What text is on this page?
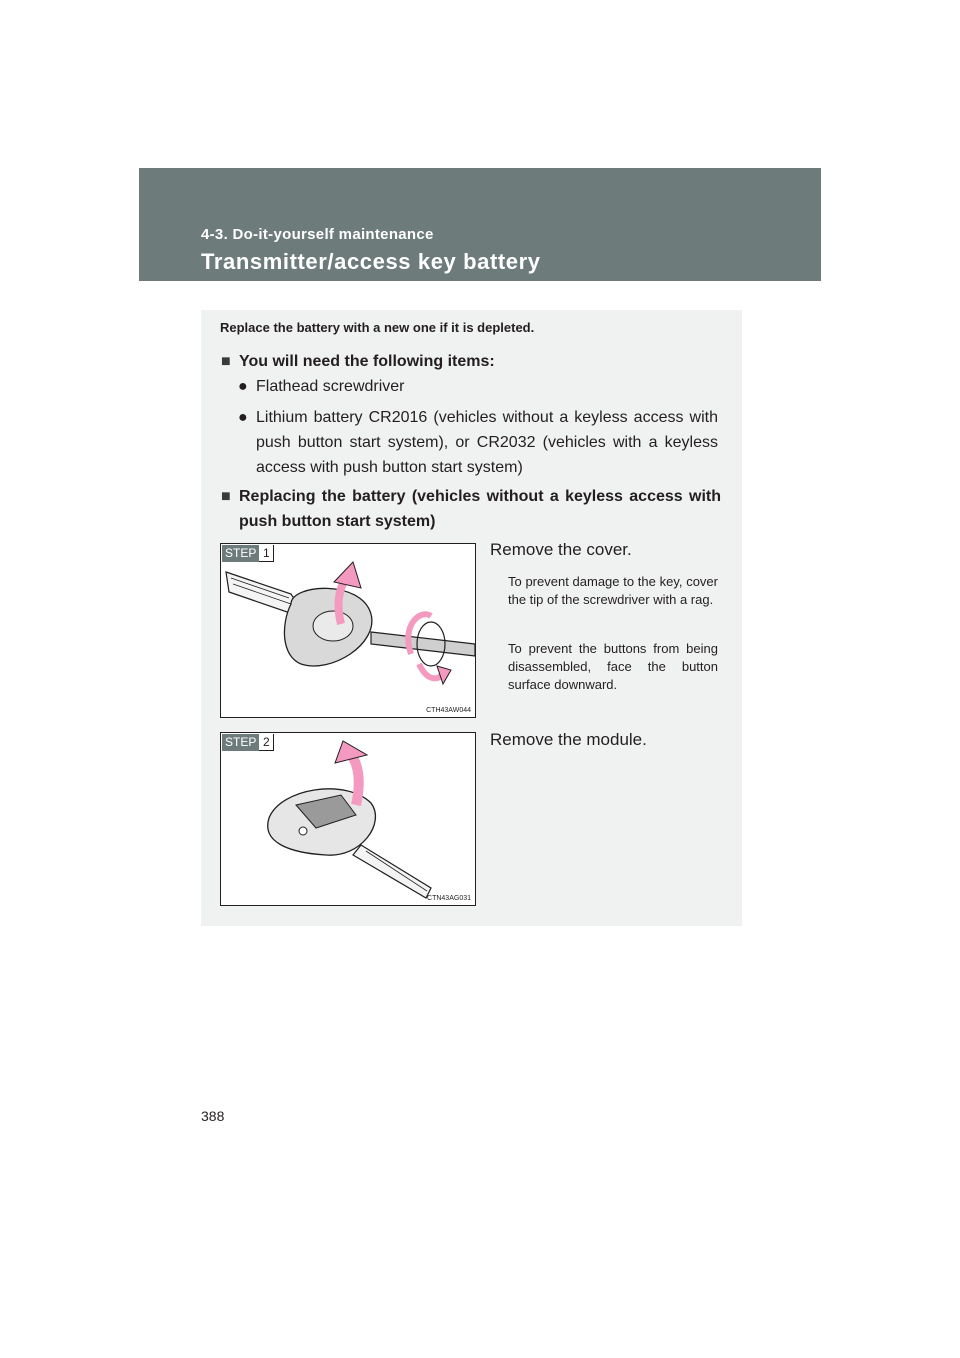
4-3. Do-it-yourself maintenance
Transmitter/access key battery
Replace the battery with a new one if it is depleted.
■ You will need the following items:
● Flathead screwdriver
● Lithium battery CR2016 (vehicles without a keyless access with push button start system), or CR2032 (vehicles with a keyless access with push button start system)
■ Replacing the battery (vehicles without a keyless access with push button start system)
STEP 1
CTH43AW044
Remove the cover.
To prevent damage to the key, cover the tip of the screwdriver with a rag.
To prevent the buttons from being disassembled, face the button surface downward.
STEP 2
CTN43AG031
Remove the module.
388
